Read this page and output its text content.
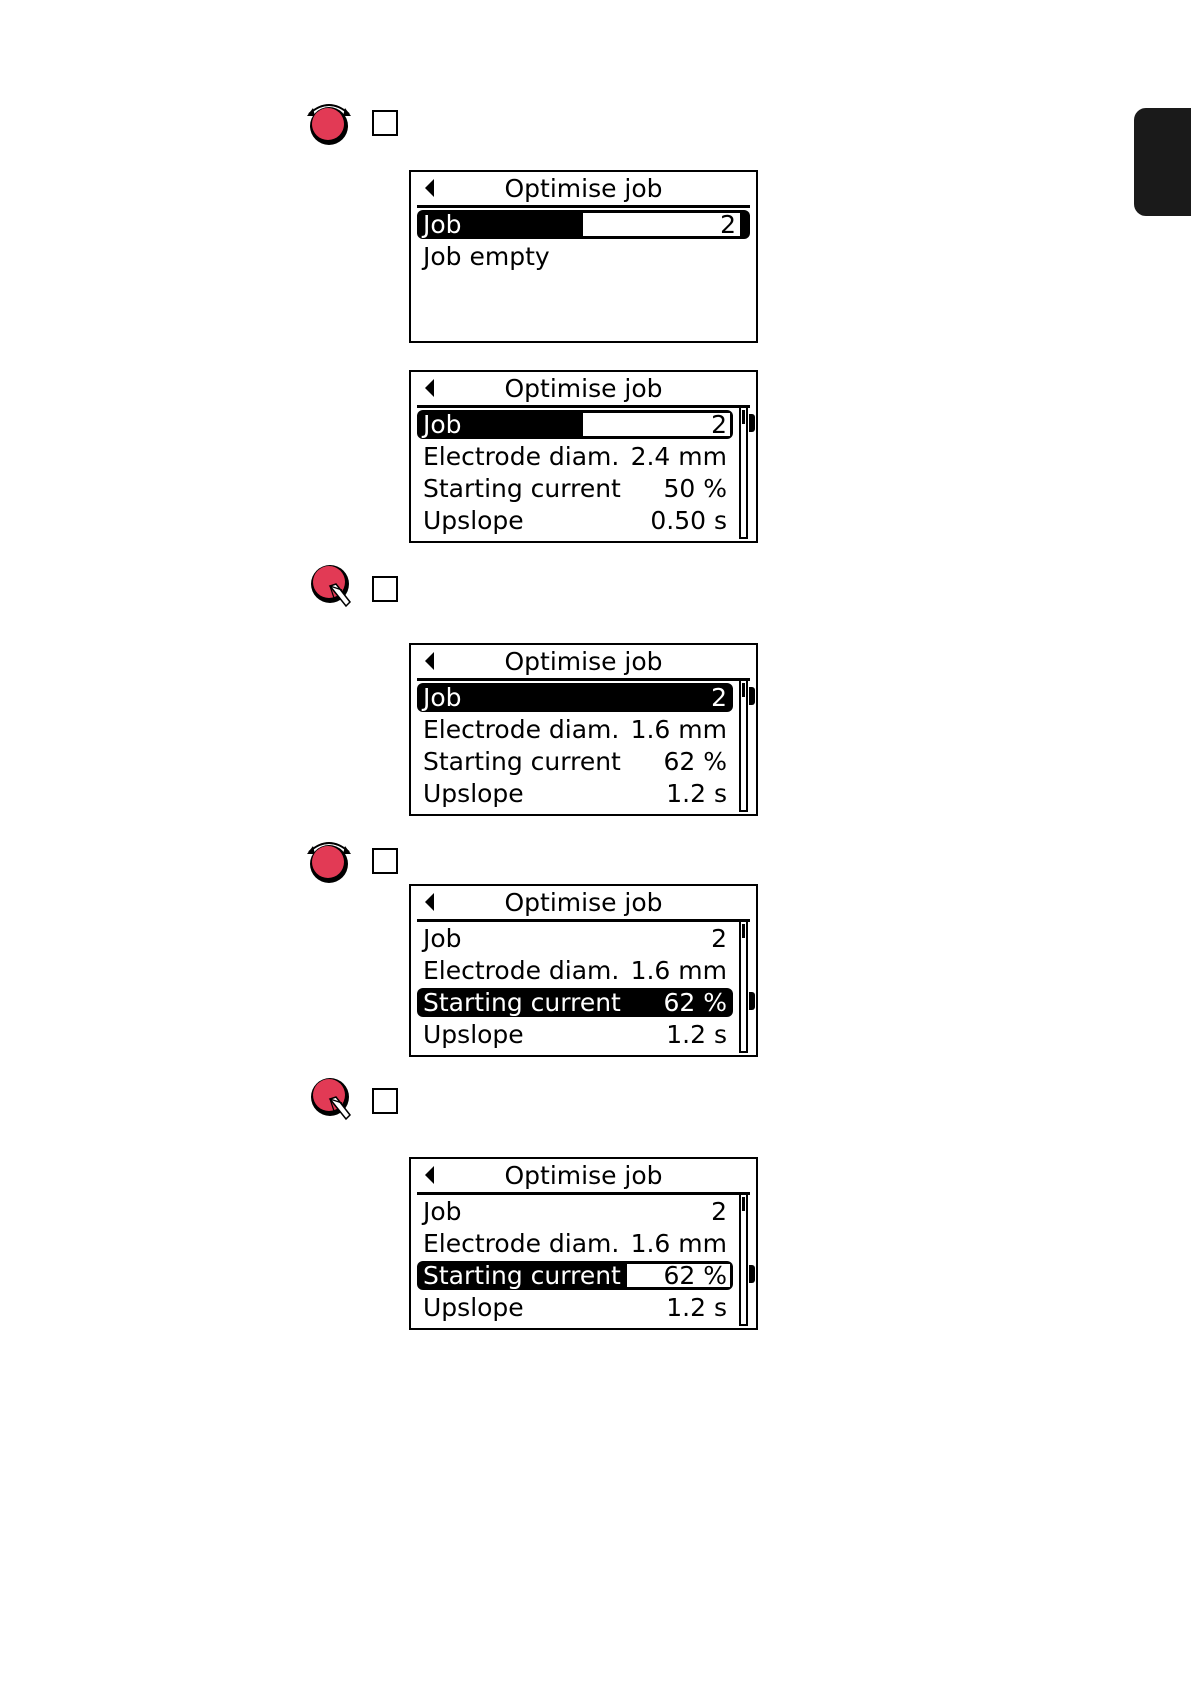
Optimise job
Job	2
Job empty
Optimise job
Job	2
Electrode diam. 2.4 mm
Starting current 50 %
Upslope	0.50 s
Optimise job
Job	2
Electrode diam. 1.6 mm
Starting current 62 %
Upslope	1.2 s
Optimise job
Job	2
Electrode diam. 1.6 mm
Starting current 62 %
Upslope	1.2 s
Optimise job
Job	2
Electrode diam. 1.6 mm
Starting current 62 %
Upslope	1.2 s
